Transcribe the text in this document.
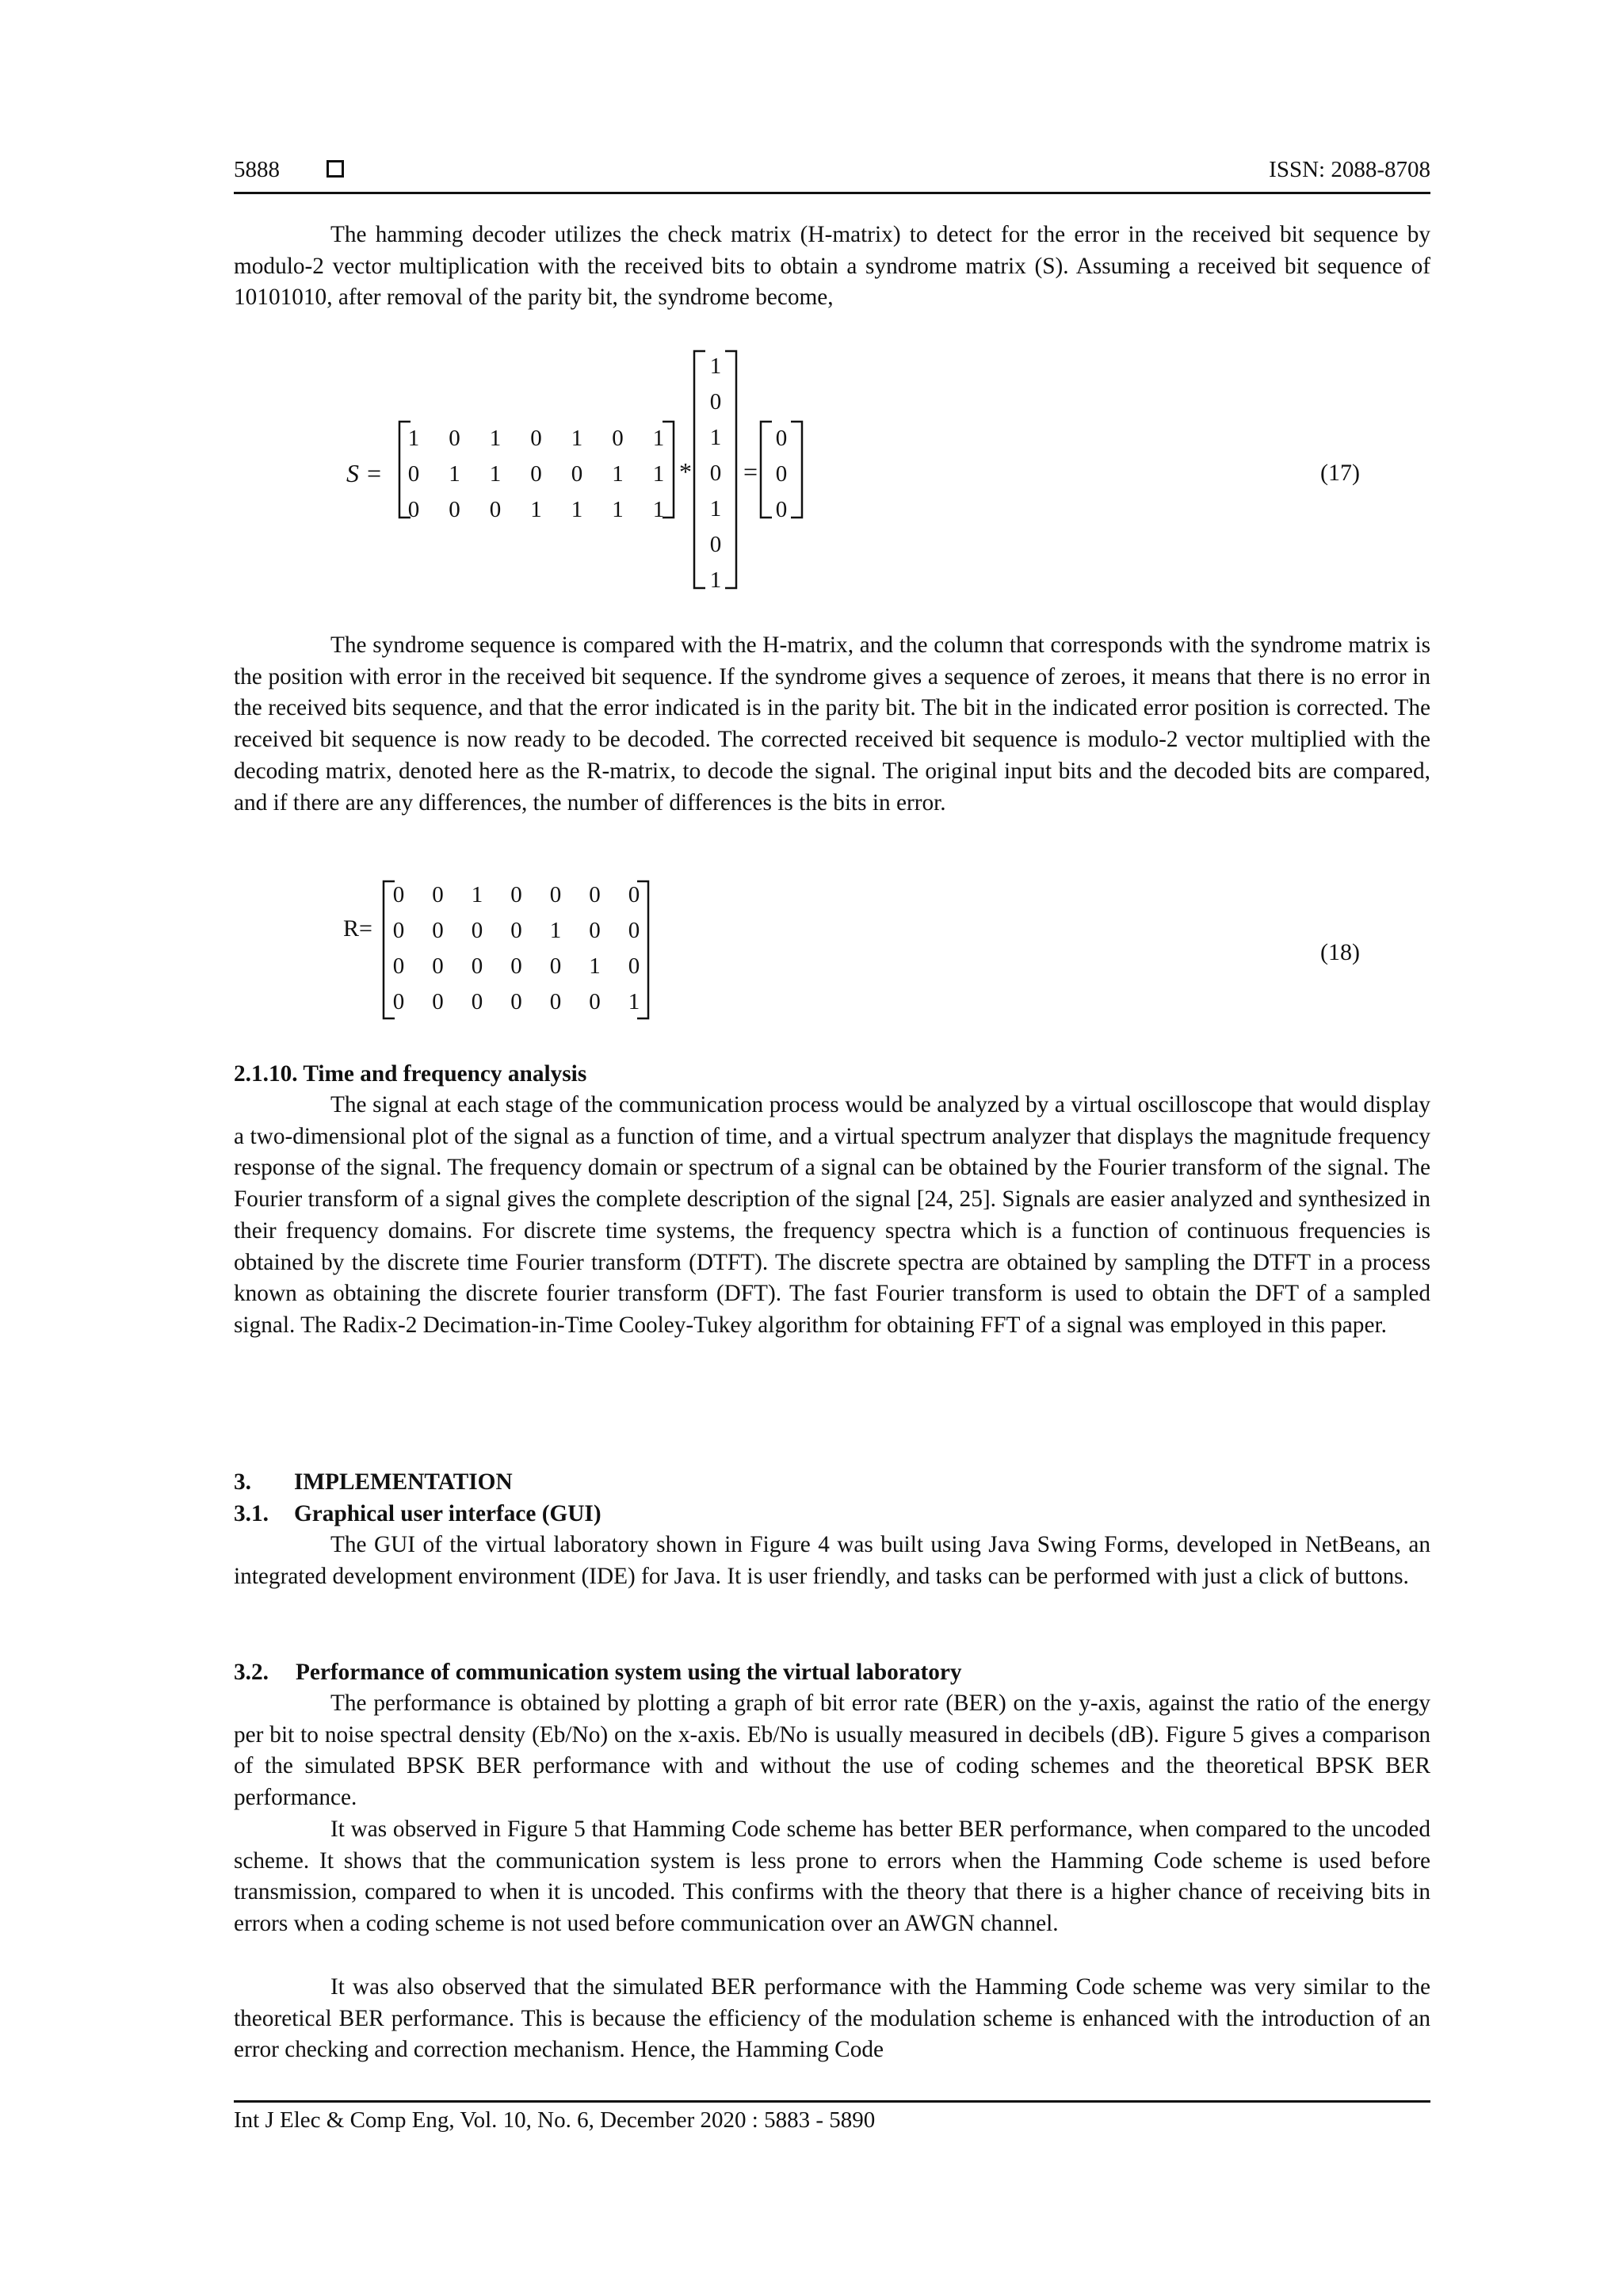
5888	ISSN: 2088-8708

The hamming decoder utilizes the check matrix (H-matrix) to detect for the error in the received bit sequence by modulo-2 vector multiplication with the received bits to obtain a syndrome matrix (S). Assuming a received bit sequence of 10101010, after removal of the parity bit, the syndrome become,

S =
1 0 1 0 1 0 1
0 1 1 0 0 1 1
0 0 0 1 1 1 1
*
1
0
1
0
1
0
1
=
0
0
0
(17)
R=
0 0 1 0 0 0 0
0 0 0 0 1 0 0
0 0 0 0 0 1 0
0 0 0 0 0 0 1
(18)

The syndrome sequence is compared with the H-matrix, and the column that corresponds with the syndrome matrix is the position with error in the received bit sequence. If the syndrome gives a sequence of zeroes, it means that there is no error in the received bits sequence, and that the error indicated is in the parity bit. The bit in the indicated error position is corrected. The received bit sequence is now ready to be decoded. The corrected received bit sequence is modulo-2 vector multiplied with the decoding matrix, denoted here as the R-matrix, to decode the signal. The original input bits and the decoded bits are compared, and if there are any differences, the number of differences is the bits in error.

2.1.10. Time and frequency analysis

The signal at each stage of the communication process would be analyzed by a virtual oscilloscope that would display a two-dimensional plot of the signal as a function of time, and a virtual spectrum analyzer that displays the magnitude frequency response of the signal. The frequency domain or spectrum of a signal can be obtained by the Fourier transform of the signal. The Fourier transform of a signal gives the complete description of the signal [24, 25]. Signals are easier analyzed and synthesized in their frequency domains. For discrete time systems, the frequency spectra which is a function of continuous frequencies is obtained by the discrete time Fourier transform (DTFT). The discrete spectra are obtained by sampling the DTFT in a process known as obtaining the discrete fourier transform (DFT). The fast Fourier transform is used to obtain the DFT of a sampled signal. The Radix-2 Decimation-in-Time Cooley-Tukey algorithm for obtaining FFT of a signal was employed in this paper.

3. IMPLEMENTATION

3.1. Graphical user interface (GUI)

The GUI of the virtual laboratory shown in Figure 4 was built using Java Swing Forms, developed in NetBeans, an integrated development environment (IDE) for Java. It is user friendly, and tasks can be performed with just a click of buttons.

3.2. Performance of communication system using the virtual laboratory

The performance is obtained by plotting a graph of bit error rate (BER) on the y-axis, against the ratio of the energy per bit to noise spectral density (Eb/No) on the x-axis. Eb/No is usually measured in decibels (dB). Figure 5 gives a comparison of the simulated BPSK BER performance with and without the use of coding schemes and the theoretical BPSK BER performance.

It was observed in Figure 5 that Hamming Code scheme has better BER performance, when compared to the uncoded scheme. It shows that the communication system is less prone to errors when the Hamming Code scheme is used before transmission, compared to when it is uncoded. This confirms with the theory that there is a higher chance of receiving bits in errors when a coding scheme is not used before communication over an AWGN channel.

It was also observed that the simulated BER performance with the Hamming Code scheme was very similar to the theoretical BER performance. This is because the efficiency of the modulation scheme is enhanced with the introduction of an error checking and correction mechanism. Hence, the Hamming Code

Int J Elec & Comp Eng, Vol. 10, No. 6, December 2020 : 5883 - 5890
